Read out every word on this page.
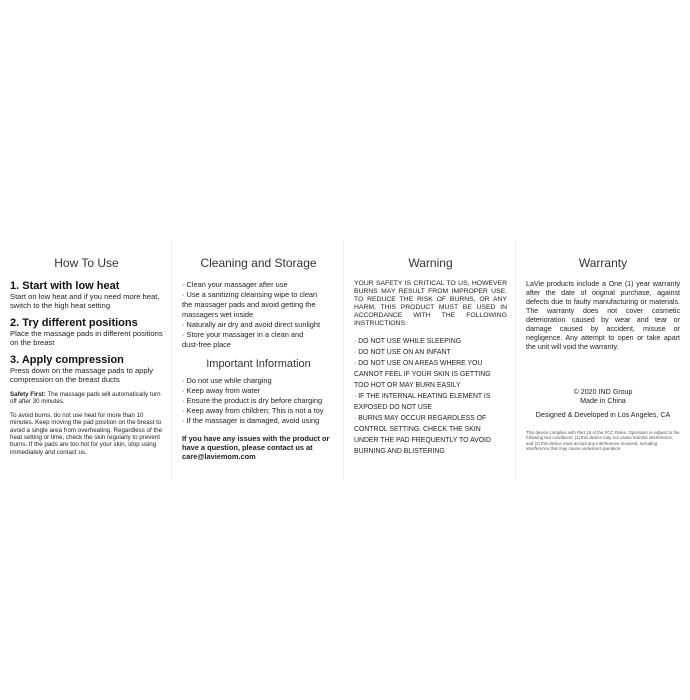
How To Use
1. Start with low heat
Start on low heat and if you need more heat, switch to the high heat setting
2. Try different positions
Place the massage pads in different positions on the breast
3. Apply compression
Press down on the massage pads to apply compression on the breast ducts
Safety First: The massage pads will automatically turn off after 30 minutes.
To avoid burns, do not use heat for more than 10 minutes. Keep moving the pad position on the breast to avoid a single area from overheating. Regardless of the heat setting or time, check the skin regularly to prevent burns. If the pads are too hot for your skin, stop using immediately and contact us.
Cleaning and Storage
· Clean your massager after use
· Use a sanitizing cleansing wipe to clean
the massager pads and avoid getting the
massagers wet inside
· Naturally air dry and avoid direct sunlight
· Store your massager in a clean and
dust-free place
Important Information
· Do not use while charging
· Keep away from water
· Ensure the product is dry before charging
· Keep away from children; This is not a toy
· If the massager is damaged, avoid using
If you have any issues with the product or have a question, please contact us at care@laviemom.com
Warning
YOUR SAFETY IS CRITICAL TO US, HOWEVER BURNS MAY RESULT FROM IMPROPER USE. TO REDUCE THE RISK OF BURNS, OR ANY HARM, THIS PRODUCT MUST BE USED IN ACCORDANCE WITH THE FOLLOWING INSTRUCTIONS:
· DO NOT USE WHILE SLEEPING
· DO NOT USE ON AN INFANT
· DO NOT USE ON AREAS WHERE YOU
CANNOT FEEL IF YOUR SKIN IS GETTING
TOO HOT OR MAY BURN EASILY
· IF THE INTERNAL HEATING ELEMENT IS
EXPOSED DO NOT USE
· BURNS MAY OCCUR REGARDLESS OF
CONTROL SETTING. CHECK THE SKIN
UNDER THE PAD FREQUENTLY TO AVOID
BURNING AND BLISTERING
Warranty
LaVie products include a One (1) year warranty after the date of original purchase, against defects due to faulty manufacturing or materials. The warranty does not cover cosmetic deterioration caused by wear and tear or damage caused by accident, misuse or negligence. Any attempt to open or take apart the unit will void the warranty.
© 2020 IND Group
Made in China
Designed & Developed in Los Angeles, CA
This device complies with Part 15 of the FCC Rules. Operation is subject to the following two conditions: (1) this device may not cause harmful interference, and (2) this device must accept any interference received, including interference that may cause undesired operation.
